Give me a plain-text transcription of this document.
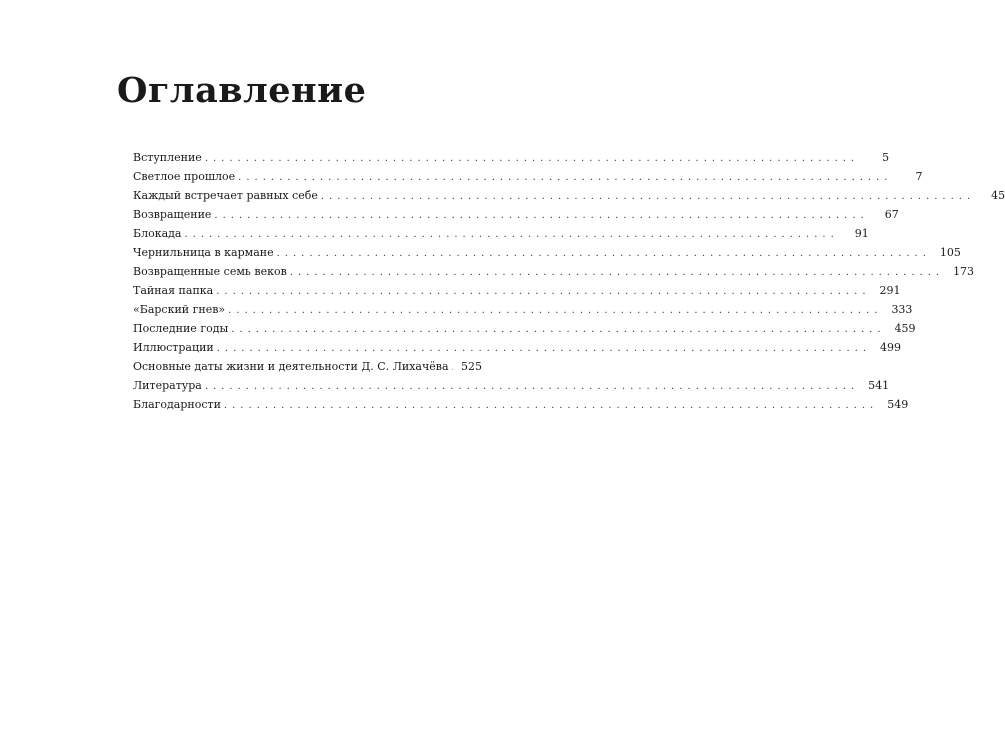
Оглавление
Вступление ................................................................................	5
Светлое прошлое ................................................................................	7
Каждый встречает равных себе ................................................................................	45
Возвращение ................................................................................	67
Блокада ................................................................................	91
Чернильница в кармане ................................................................................ 105
Возвращенные семь веков ................................................................................ 173
Тайная папка ................................................................................ 291
«Барский гнев» ................................................................................ 333
Последние годы ................................................................................ 459
Иллюстрации ................................................................................ 499
Основные даты жизни и деятельности Д. С. Лихачёва	525
Литература ................................................................................ 541
Благодарности ................................................................................ 549
